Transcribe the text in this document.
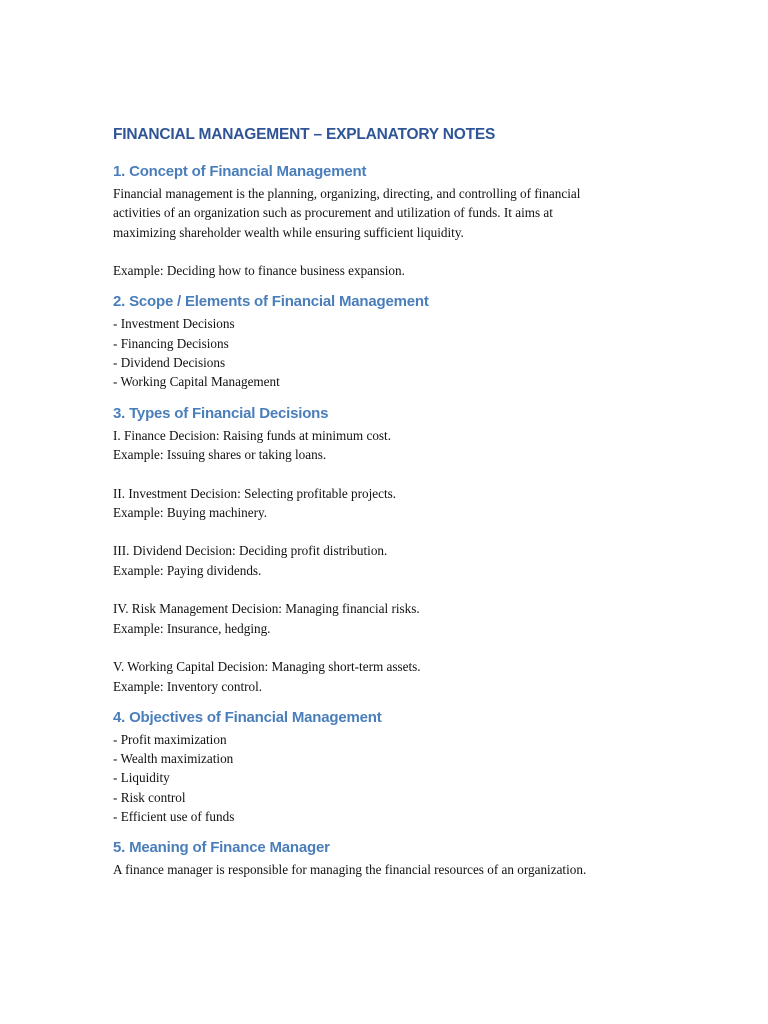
FINANCIAL MANAGEMENT – EXPLANATORY NOTES
1. Concept of Financial Management

Financial management is the planning, organizing, directing, and controlling of financial

activities of an organization such as procurement and utilization of funds. It aims at

maximizing shareholder wealth while ensuring sufficient liquidity.

Example: Deciding how to finance business expansion.

2. Scope / Elements of Financial Management

- Investment Decisions

- Financing Decisions

- Dividend Decisions

- Working Capital Management

3. Types of Financial Decisions

I. Finance Decision: Raising funds at minimum cost.

Example: Issuing shares or taking loans.

II. Investment Decision: Selecting profitable projects.

Example: Buying machinery.

III. Dividend Decision: Deciding profit distribution.

Example: Paying dividends.

IV. Risk Management Decision: Managing financial risks.

Example: Insurance, hedging.

V. Working Capital Decision: Managing short-term assets.

Example: Inventory control.

4. Objectives of Financial Management

- Profit maximization

- Wealth maximization

- Liquidity

- Risk control

- Efficient use of funds

5. Meaning of Finance Manager

A finance manager is responsible for managing the financial resources of an organization.
